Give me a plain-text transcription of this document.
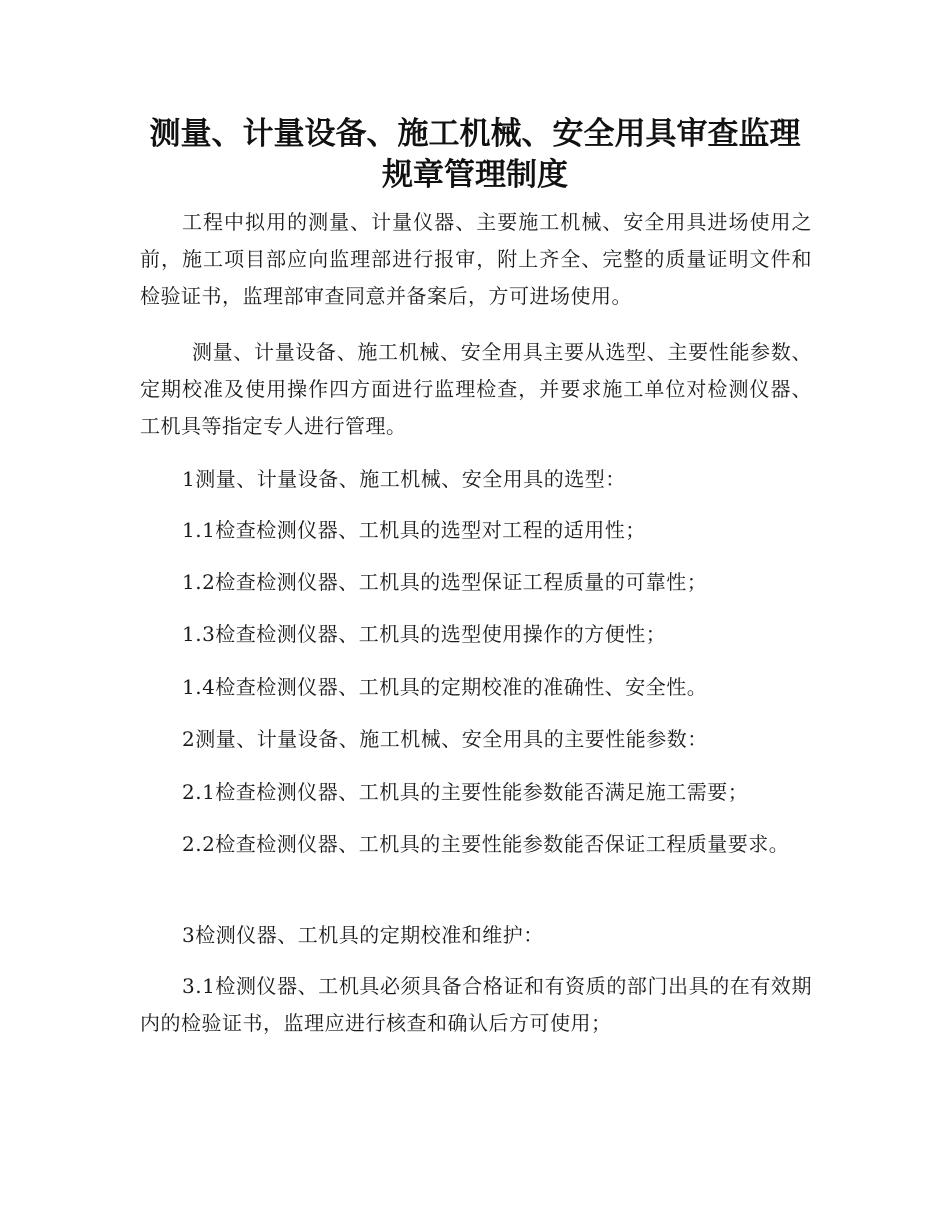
测量、计量设备、施工机械、安全用具审查监理
规章管理制度

工程中拟用的测量、计量仪器、主要施工机械、安全用具进场使用之前，施工项目部应向监理部进行报审，附上齐全、完整的质量证明文件和检验证书，监理部审查同意并备案后，方可进场使用。

测量、计量设备、施工机械、安全用具主要从选型、主要性能参数、定期校准及使用操作四方面进行监理检查，并要求施工单位对检测仪器、工机具等指定专人进行管理。

1测量、计量设备、施工机械、安全用具的选型：

1.1检查检测仪器、工机具的选型对工程的适用性；

1.2检查检测仪器、工机具的选型保证工程质量的可靠性；

1.3检查检测仪器、工机具的选型使用操作的方便性；

1.4检查检测仪器、工机具的定期校准的准确性、安全性。

2测量、计量设备、施工机械、安全用具的主要性能参数：

2.1检查检测仪器、工机具的主要性能参数能否满足施工需要；

2.2检查检测仪器、工机具的主要性能参数能否保证工程质量要求。

3检测仪器、工机具的定期校准和维护：

3.1检测仪器、工机具必须具备合格证和有资质的部门出具的在有效期内的检验证书，监理应进行核查和确认后方可使用；
